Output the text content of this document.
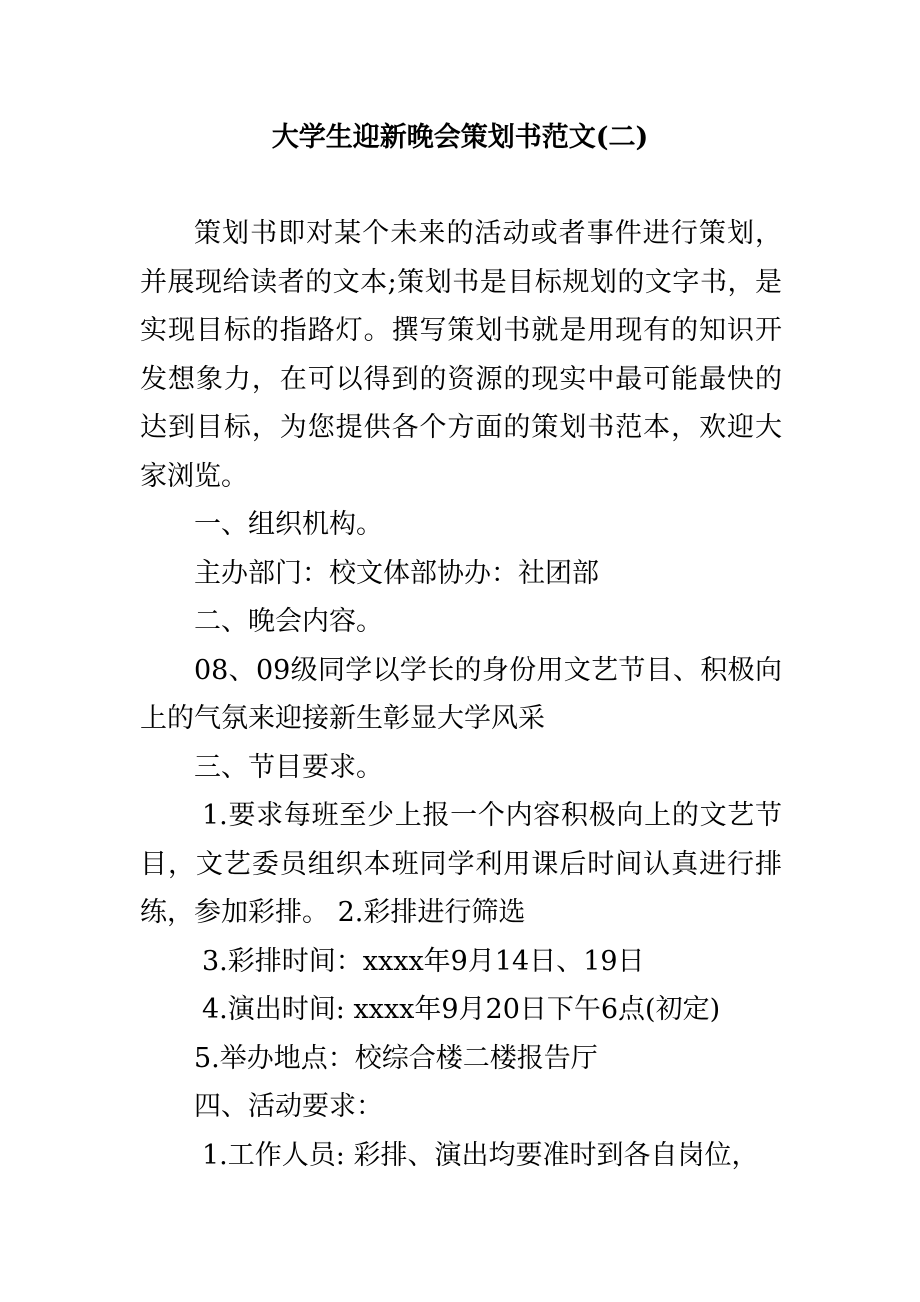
大学生迎新晚会策划书范文(二)

策划书即对某个未来的活动或者事件进行策划，并展现给读者的文本;策划书是目标规划的文字书，是实现目标的指路灯。撰写策划书就是用现有的知识开发想象力，在可以得到的资源的现实中最可能最快的达到目标，为您提供各个方面的策划书范本，欢迎大家浏览。

一、组织机构。

主办部门：校文体部协办：社团部

二、晚会内容。

08、09级同学以学长的身份用文艺节目、积极向上的气氛来迎接新生彰显大学风采

三、节目要求。

1.要求每班至少上报一个内容积极向上的文艺节目，文艺委员组织本班同学利用课后时间认真进行排练，参加彩排。 2.彩排进行筛选

3.彩排时间：xxxx年9月14日、19日

4.演出时间: xxxx年9月20日下午6点(初定)

5.举办地点：校综合楼二楼报告厅

四、活动要求：

1.工作人员: 彩排、演出均要准时到各自岗位，
